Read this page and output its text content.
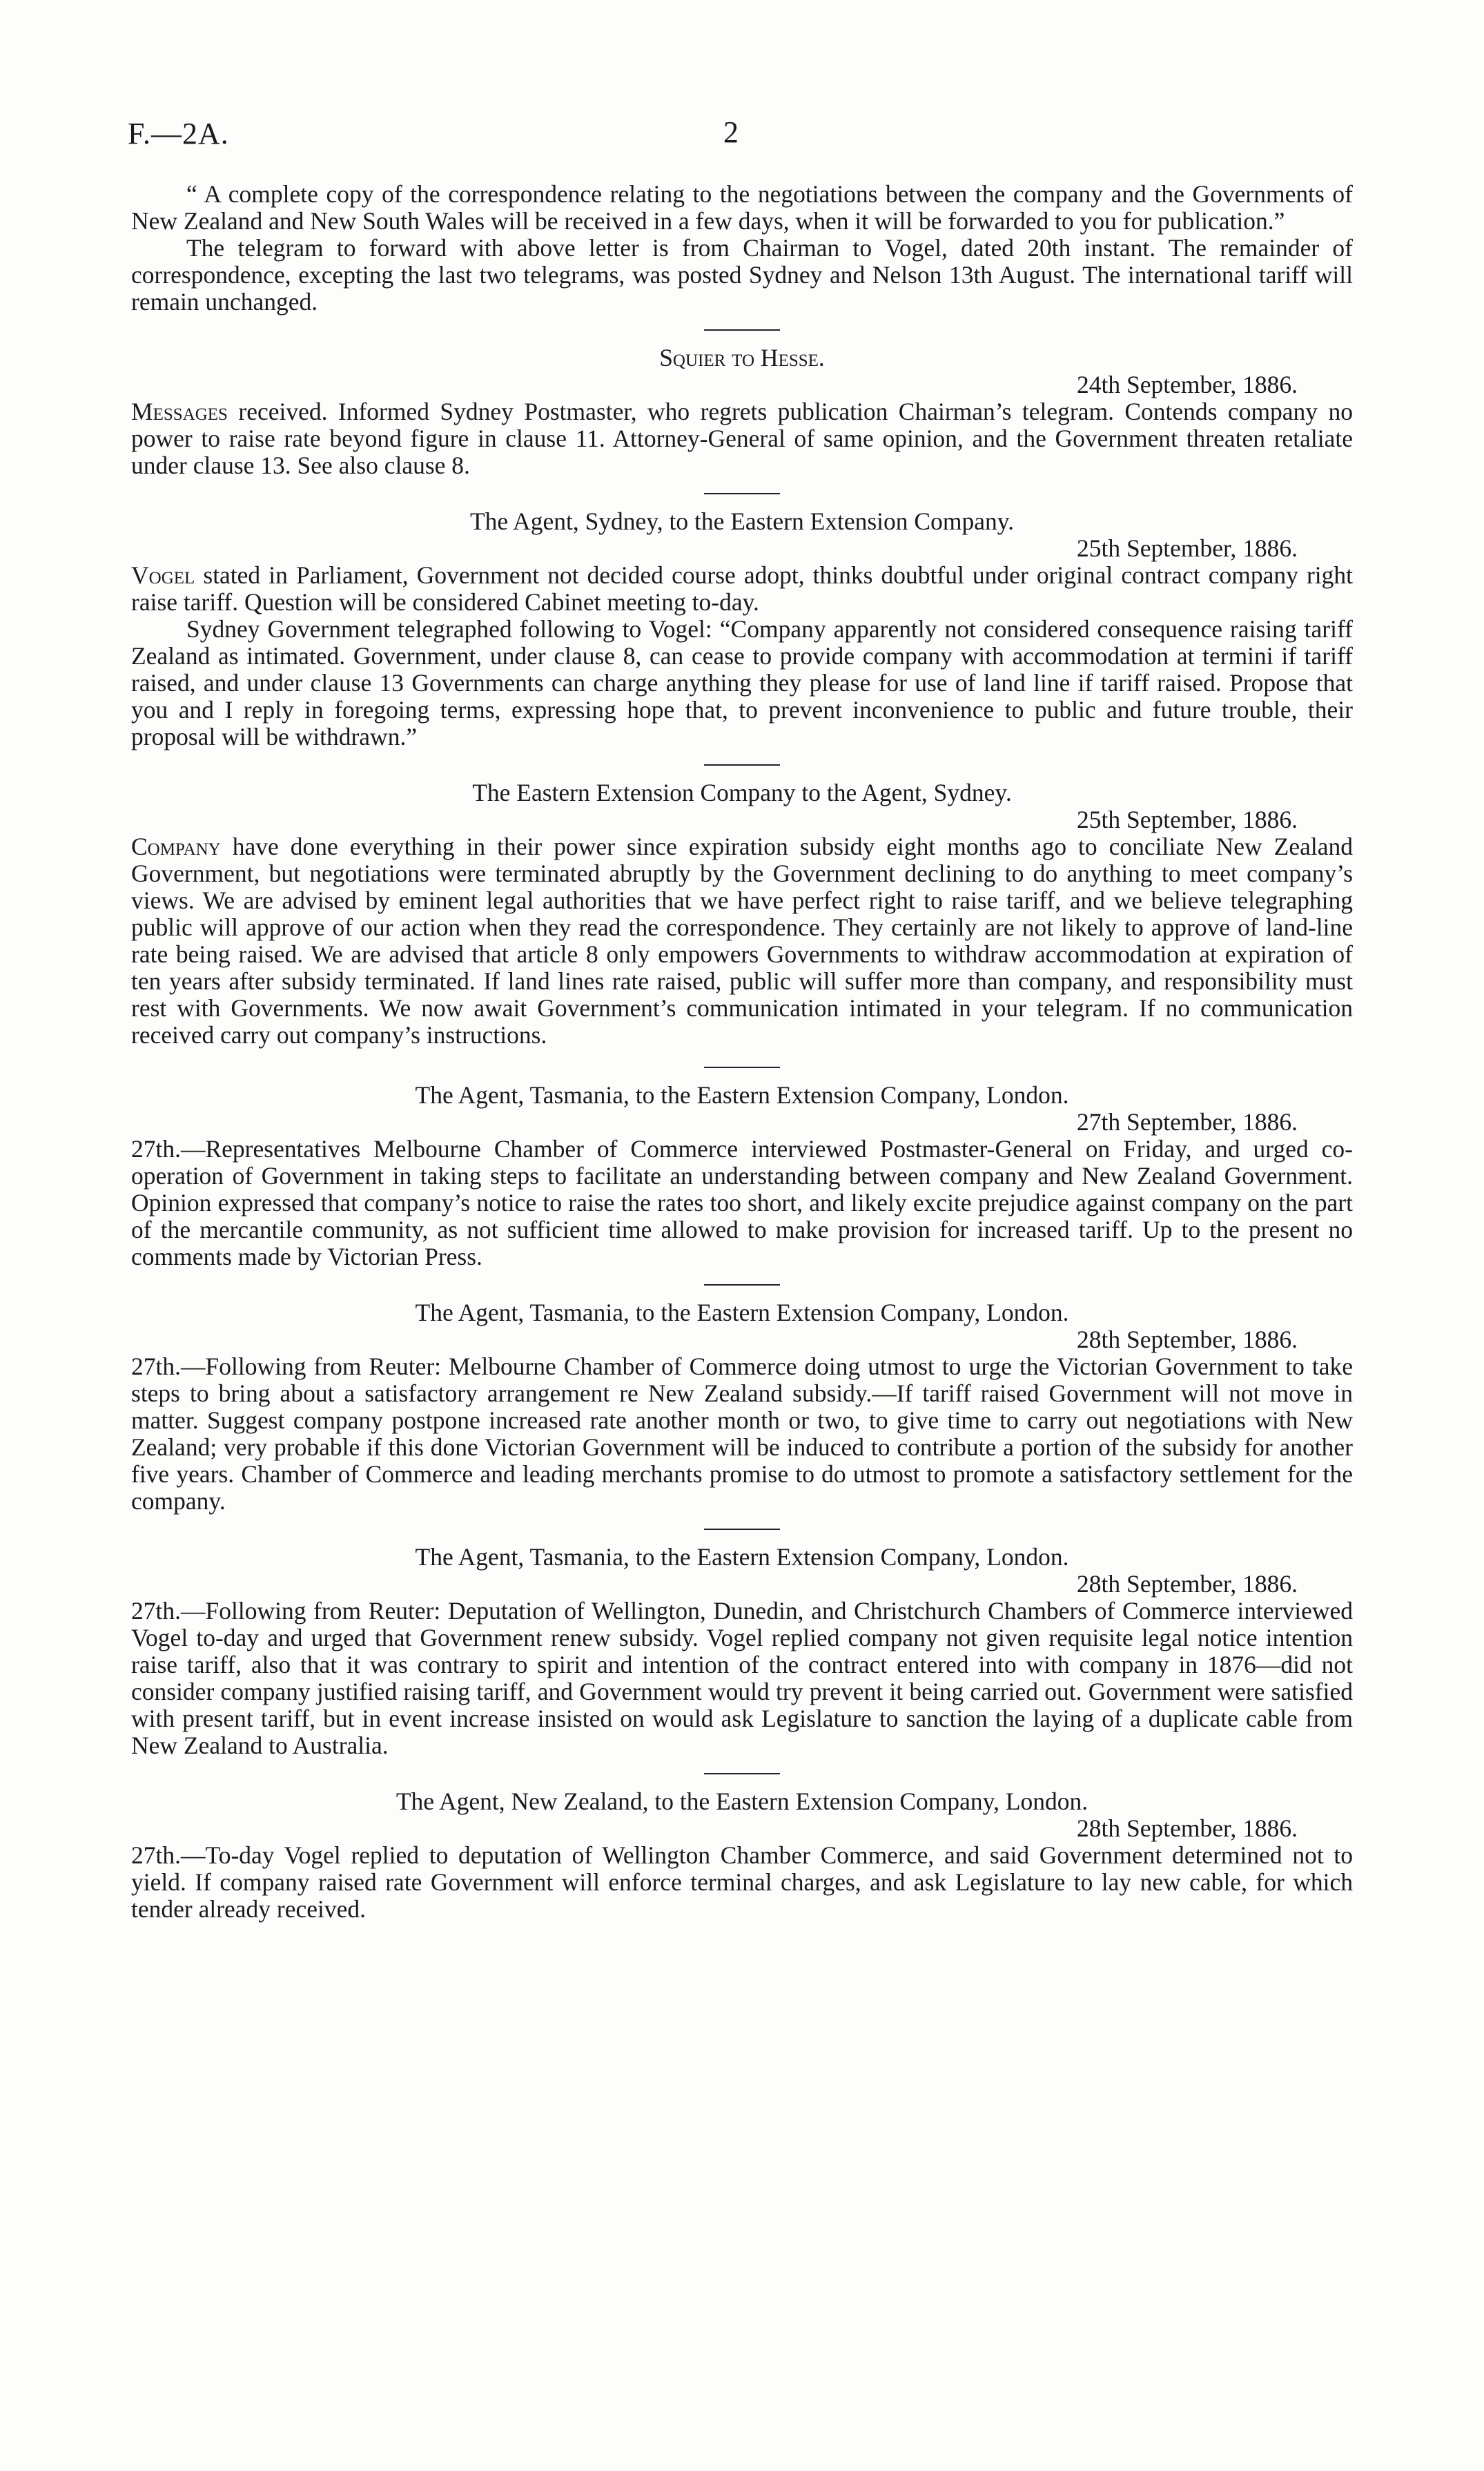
F.—2A.	2

“ A complete copy of the correspondence relating to the negotiations between the company and the Governments of New Zealand and New South Wales will be received in a few days, when it will be forwarded to you for publication.”

The telegram to forward with above letter is from Chairman to Vogel, dated 20th instant. The remainder of correspondence, excepting the last two telegrams, was posted Sydney and Nelson 13th August. The international tariff will remain unchanged.

Squier to Hesse.

24th September, 1886.

Messages received. Informed Sydney Postmaster, who regrets publication Chairman’s telegram. Contends company no power to raise rate beyond figure in clause 11. Attorney-General of same opinion, and the Government threaten retaliate under clause 13. See also clause 8.

The Agent, Sydney, to the Eastern Extension Company.

25th September, 1886.

Vogel stated in Parliament, Government not decided course adopt, thinks doubtful under original contract company right raise tariff. Question will be considered Cabinet meeting to-day.

Sydney Government telegraphed following to Vogel: “Company apparently not considered consequence raising tariff Zealand as intimated. Government, under clause 8, can cease to provide company with accommodation at termini if tariff raised, and under clause 13 Governments can charge anything they please for use of land line if tariff raised. Propose that you and I reply in foregoing terms, expressing hope that, to prevent inconvenience to public and future trouble, their proposal will be withdrawn.”

The Eastern Extension Company to the Agent, Sydney.

25th September, 1886.

Company have done everything in their power since expiration subsidy eight months ago to conciliate New Zealand Government, but negotiations were terminated abruptly by the Government declining to do anything to meet company’s views. We are advised by eminent legal authorities that we have perfect right to raise tariff, and we believe telegraphing public will approve of our action when they read the correspondence. They certainly are not likely to approve of land-line rate being raised. We are advised that article 8 only empowers Governments to withdraw accommodation at expiration of ten years after subsidy terminated. If land lines rate raised, public will suffer more than company, and responsibility must rest with Governments. We now await Government’s communication intimated in your telegram. If no communication received carry out company’s instructions.

The Agent, Tasmania, to the Eastern Extension Company, London.

27th September, 1886.

27th.—Representatives Melbourne Chamber of Commerce interviewed Postmaster-General on Friday, and urged co-operation of Government in taking steps to facilitate an understanding between company and New Zealand Government. Opinion expressed that company’s notice to raise the rates too short, and likely excite prejudice against company on the part of the mercantile community, as not sufficient time allowed to make provision for increased tariff. Up to the present no comments made by Victorian Press.

The Agent, Tasmania, to the Eastern Extension Company, London.

28th September, 1886.

27th.—Following from Reuter: Melbourne Chamber of Commerce doing utmost to urge the Victorian Government to take steps to bring about a satisfactory arrangement re New Zealand subsidy.—If tariff raised Government will not move in matter. Suggest company postpone increased rate another month or two, to give time to carry out negotiations with New Zealand; very probable if this done Victorian Government will be induced to contribute a portion of the subsidy for another five years. Chamber of Commerce and leading merchants promise to do utmost to promote a satisfactory settlement for the company.

The Agent, Tasmania, to the Eastern Extension Company, London.

28th September, 1886.

27th.—Following from Reuter: Deputation of Wellington, Dunedin, and Christchurch Chambers of Commerce interviewed Vogel to-day and urged that Government renew subsidy. Vogel replied company not given requisite legal notice intention raise tariff, also that it was contrary to spirit and intention of the contract entered into with company in 1876—did not consider company justified raising tariff, and Government would try prevent it being carried out. Government were satisfied with present tariff, but in event increase insisted on would ask Legislature to sanction the laying of a duplicate cable from New Zealand to Australia.

The Agent, New Zealand, to the Eastern Extension Company, London.

28th September, 1886.

27th.—To-day Vogel replied to deputation of Wellington Chamber Commerce, and said Government determined not to yield. If company raised rate Government will enforce terminal charges, and ask Legislature to lay new cable, for which tender already received.
